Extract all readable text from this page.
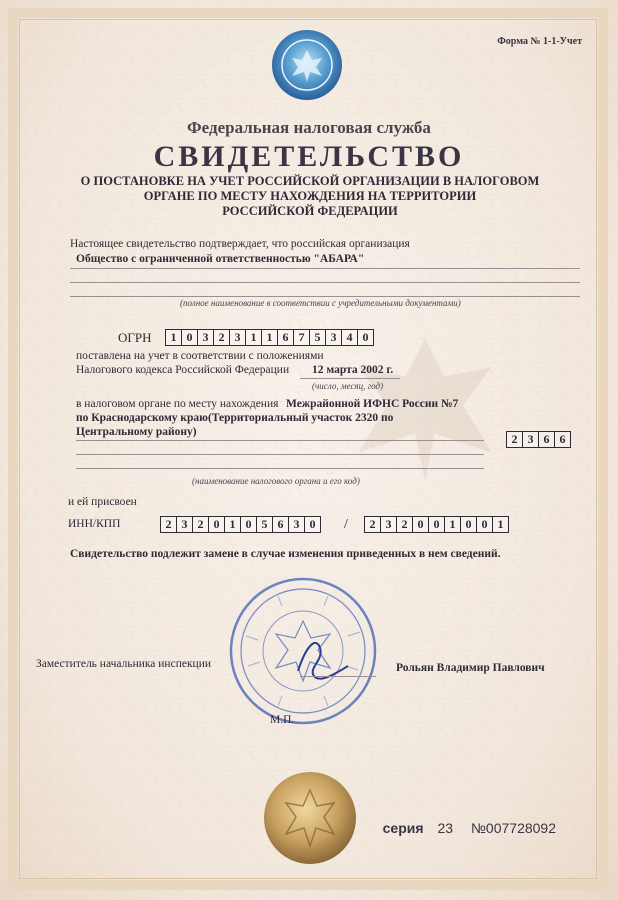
Форма № 1-1-Учет
Федеральная налоговая служба
СВИДЕТЕЛЬСТВО
О ПОСТАНОВКЕ НА УЧЕТ РОССИЙСКОЙ ОРГАНИЗАЦИИ В НАЛОГОВОМ
ОРГАНЕ ПО МЕСТУ НАХОЖДЕНИЯ НА ТЕРРИТОРИИ
РОССИЙСКОЙ ФЕДЕРАЦИИ
Настоящее свидетельство подтверждает, что российская организация
Общество с ограниченной ответственностью "АБАРА"
(полное наименование в соответствии с учредительными документами)
ОГРН	1 0 3 2 3 1 1 6 7 5 3 4 0
поставлена на учет в соответствии с положениями
Налогового кодекса Российской Федерации 12 марта 2002 г.
(число, месяц, год)
в налоговом органе по месту нахождения Межрайонной ИФНС России №7
по Краснодарскому краю(Территориальный участок 2320 по
Центральному району)	2 3 6 6
(наименование налогового органа и его код)
и ей присвоен
ИНН/КПП	2 3 2 0 1 0 5 6 3 0	/	2 3 2 0 0 1 0 0 1
Свидетельство подлежит замене в случае изменения приведенных в нем сведений.
Заместитель начальника инспекции	Рольян Владимир Павлович
М.П.
серия 23 №007728092
